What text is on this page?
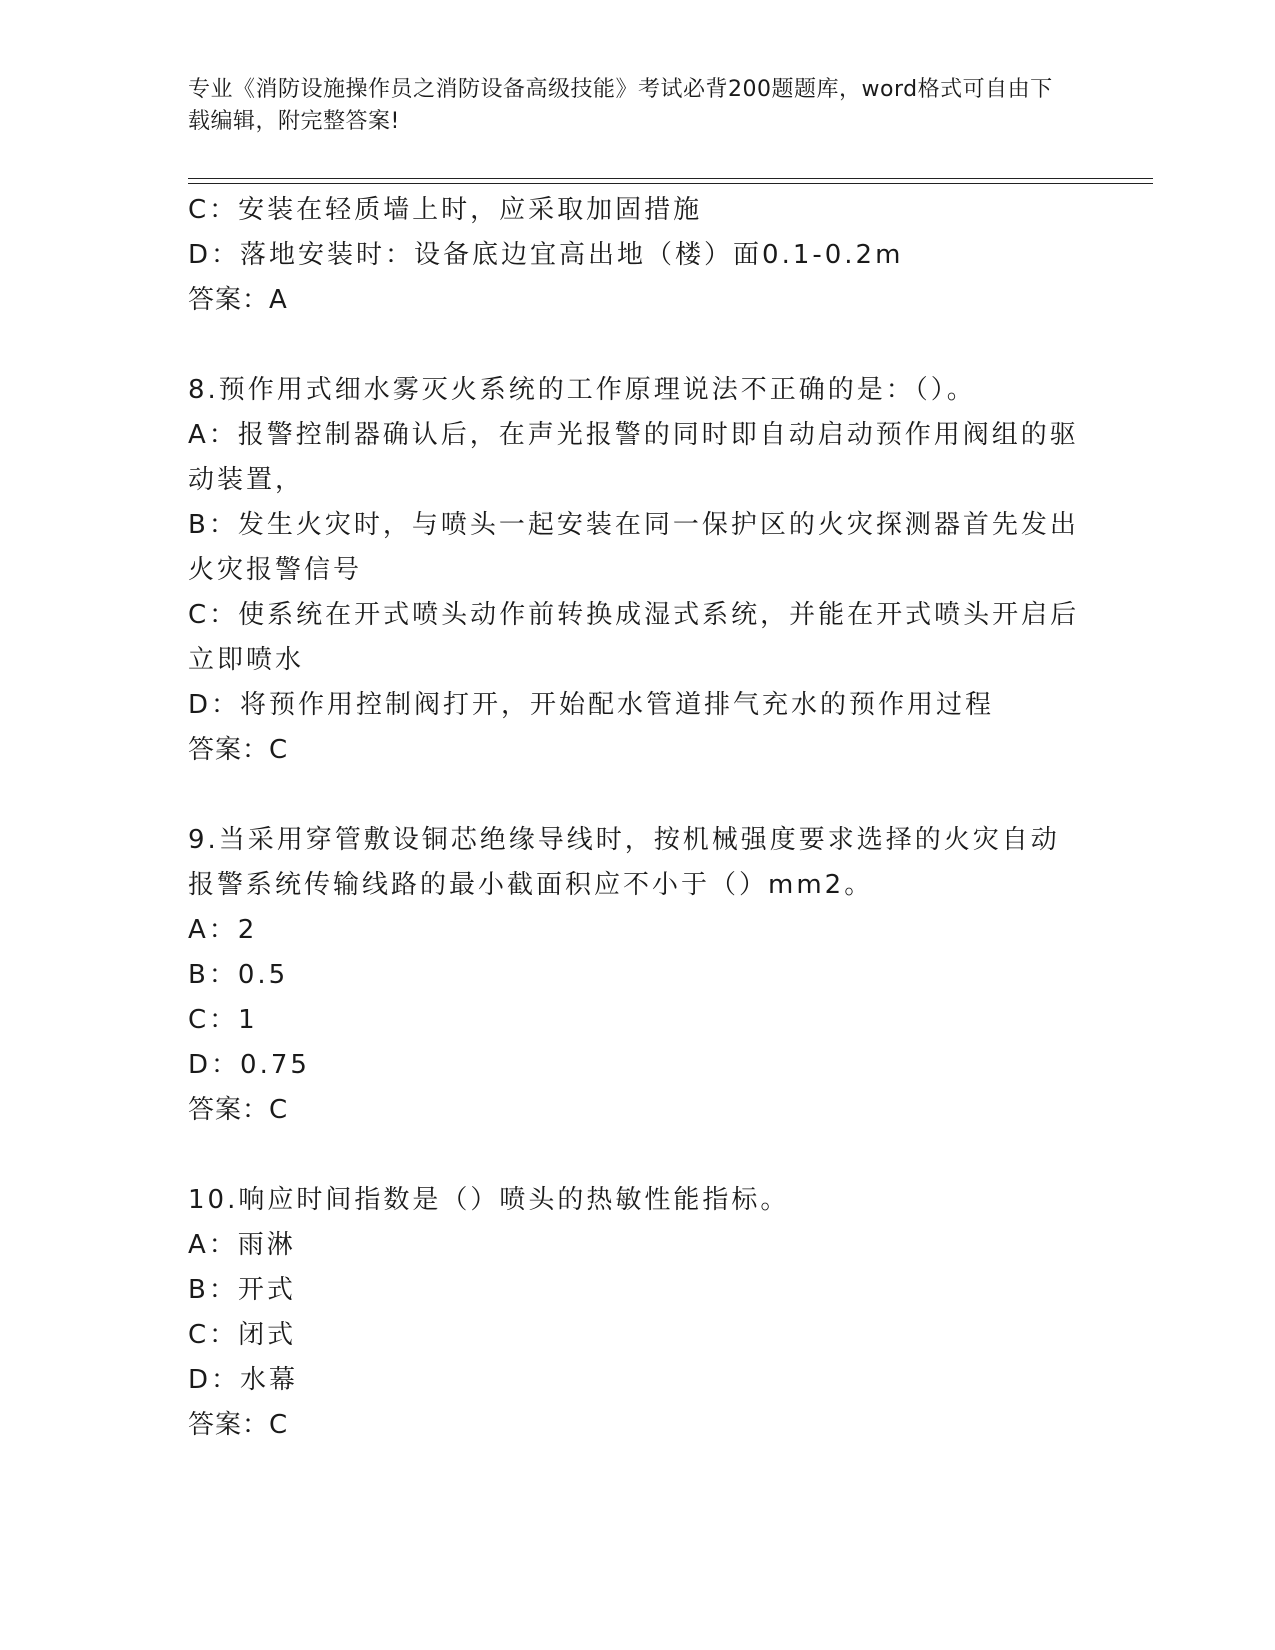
专业《消防设施操作员之消防设备高级技能》考试必背200题题库，word格式可自由下载编辑，附完整答案!
C：安装在轻质墙上时，应采取加固措施
D：落地安装时：设备底边宜高出地（楼）面0.1-0.2m
答案：A
8.预作用式细水雾灭火系统的工作原理说法不正确的是：（）。
A：报警控制器确认后，在声光报警的同时即自动启动预作用阀组的驱动装置，
B：发生火灾时，与喷头一起安装在同一保护区的火灾探测器首先发出火灾报警信号
C：使系统在开式喷头动作前转换成湿式系统，并能在开式喷头开启后立即喷水
D：将预作用控制阀打开，开始配水管道排气充水的预作用过程
答案：C
9.当采用穿管敷设铜芯绝缘导线时，按机械强度要求选择的火灾自动报警系统传输线路的最小截面积应不小于（）mm2。
A：2
B：0.5
C：1
D：0.75
答案：C
10.响应时间指数是（）喷头的热敏性能指标。
A：雨淋
B：开式
C：闭式
D：水幕
答案：C
